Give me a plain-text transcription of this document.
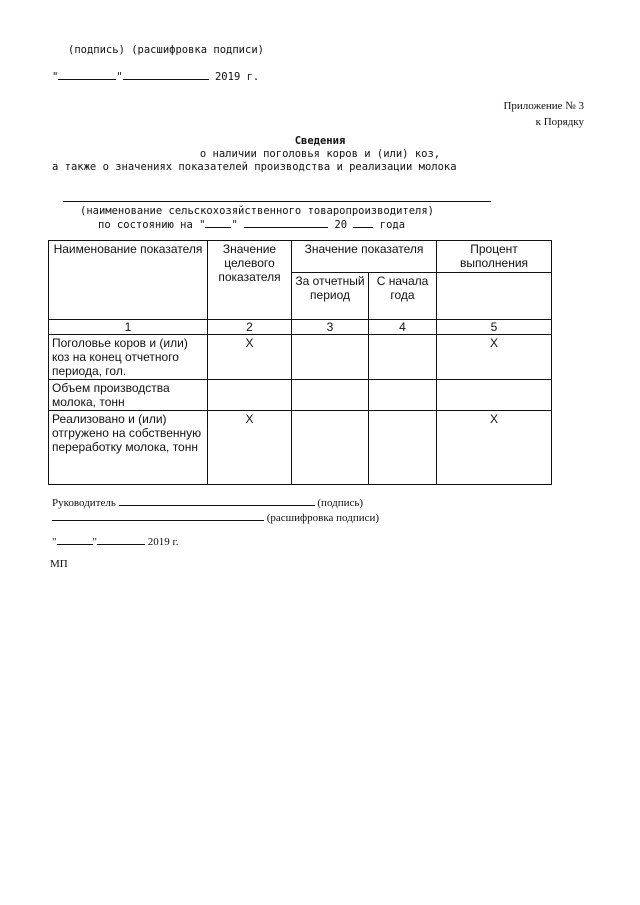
(подпись) (расшифровка подписи)
"	"	2019 г.
Приложение № 3
к Порядку
Сведения
о наличии поголовья коров и (или) коз,
а также о значениях показателей производства и реализации молока
(наименование сельскохозяйственного товаропроизводителя)
по состоянию на " "	20	года
Наименование показателя	Значение целевого показателя	Значение показателя		Процент выполнения
		За отчетный период	С начала года	
1	2	3	4	5
Поголовье коров и (или) коз на конец отчетного периода, гол.	Х			Х
Объем производства молока, тонн				
Реализовано и (или) отгружено на собственную переработку молока, тонн	Х			Х
Руководитель	(подпись)
(расшифровка подписи)
"	"	2019 г.
МП
